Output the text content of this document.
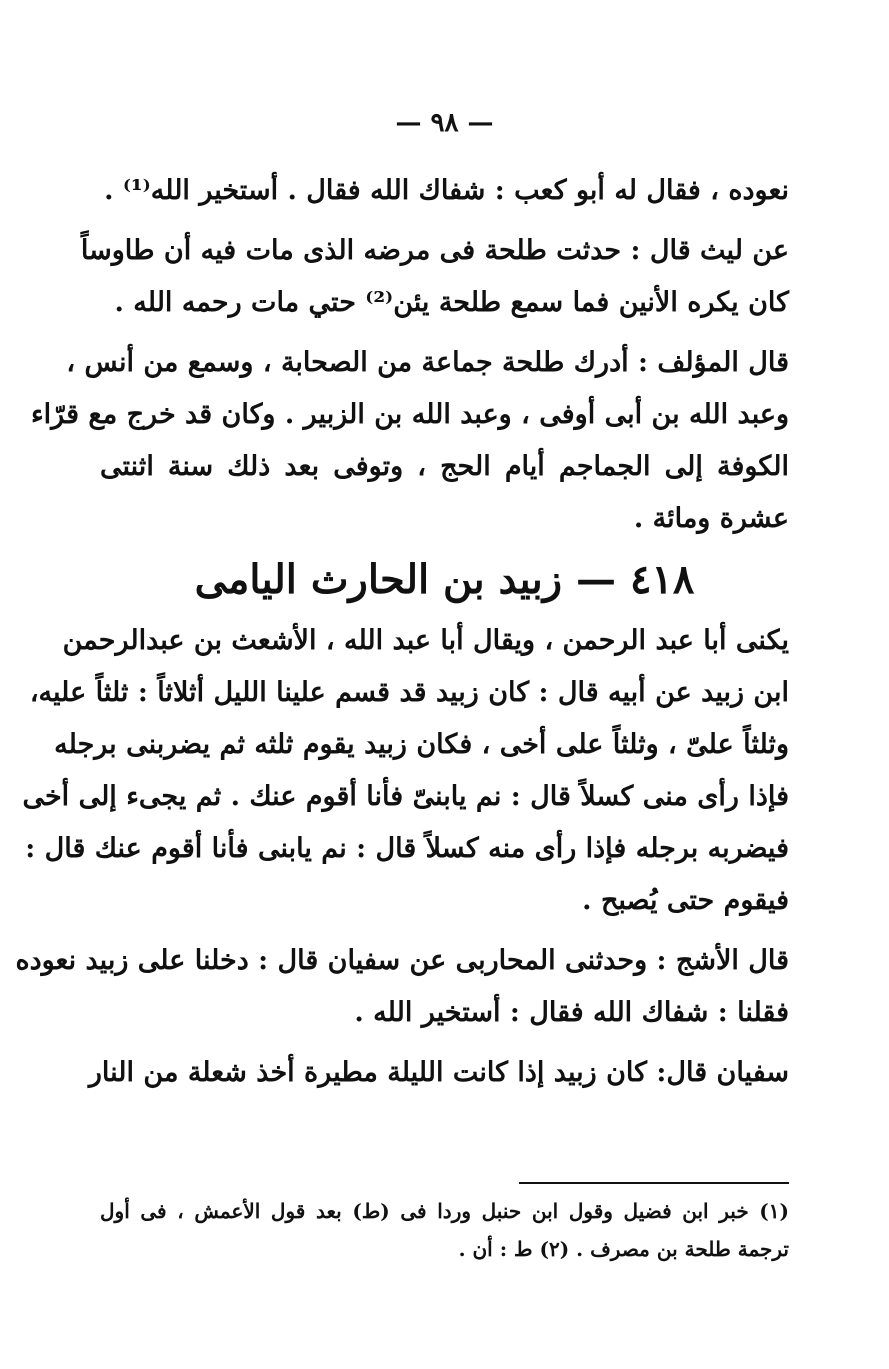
— ٩٨ —
نعوده ، فقال له أبو كعب : شفاك الله فقال . أستخير الله⁽¹⁾ .
عن ليث قال : حدثت طلحة فى مرضه الذى مات فيه أن طاوساً
كان يكره الأنين فما سمع طلحة يئن⁽²⁾ حتي مات رحمه الله .
قال المؤلف : أدرك طلحة جماعة من الصحابة ، وسمع من أنس ،
وعبد الله بن أبى أوفى ، وعبد الله بن الزبير . وكان قد خرج مع قرّاء
الكوفة إلى الجماجم أيام الحج ، وتوفى بعد ذلك سنة اثنتى
عشرة ومائة .
٤١٨ — زبيد بن الحارث اليامى
يكنى أبا عبد الرحمن ، ويقال أبا عبد الله ، الأشعث بن عبدالرحمن
ابن زبيد عن أبيه قال : كان زبيد قد قسم علينا الليل أثلاثاً : ثلثاً عليه،
وثلثاً علىّ ، وثلثاً على أخى ، فكان زبيد يقوم ثلثه ثم يضربنى برجله
فإذا رأى منى كسلاً قال : نم يابنىّ فأنا أقوم عنك . ثم يجىء إلى أخى
فيضربه برجله فإذا رأى منه كسلاً قال : نم يابنى فأنا أقوم عنك قال :
فيقوم حتى يُصبح .
قال الأشج : وحدثنى المحاربى عن سفيان قال : دخلنا على زبيد نعوده
فقلنا : شفاك الله فقال : أستخير الله .
سفيان قال: كان زبيد إذا كانت الليلة مطيرة أخذ شعلة من النار
(١) خبر ابن فضيل وقول ابن حنبل وردا فى (ط) بعد قول الأعمش ، فى أول
ترجمة طلحة بن مصرف . (٢) ط : أن .
